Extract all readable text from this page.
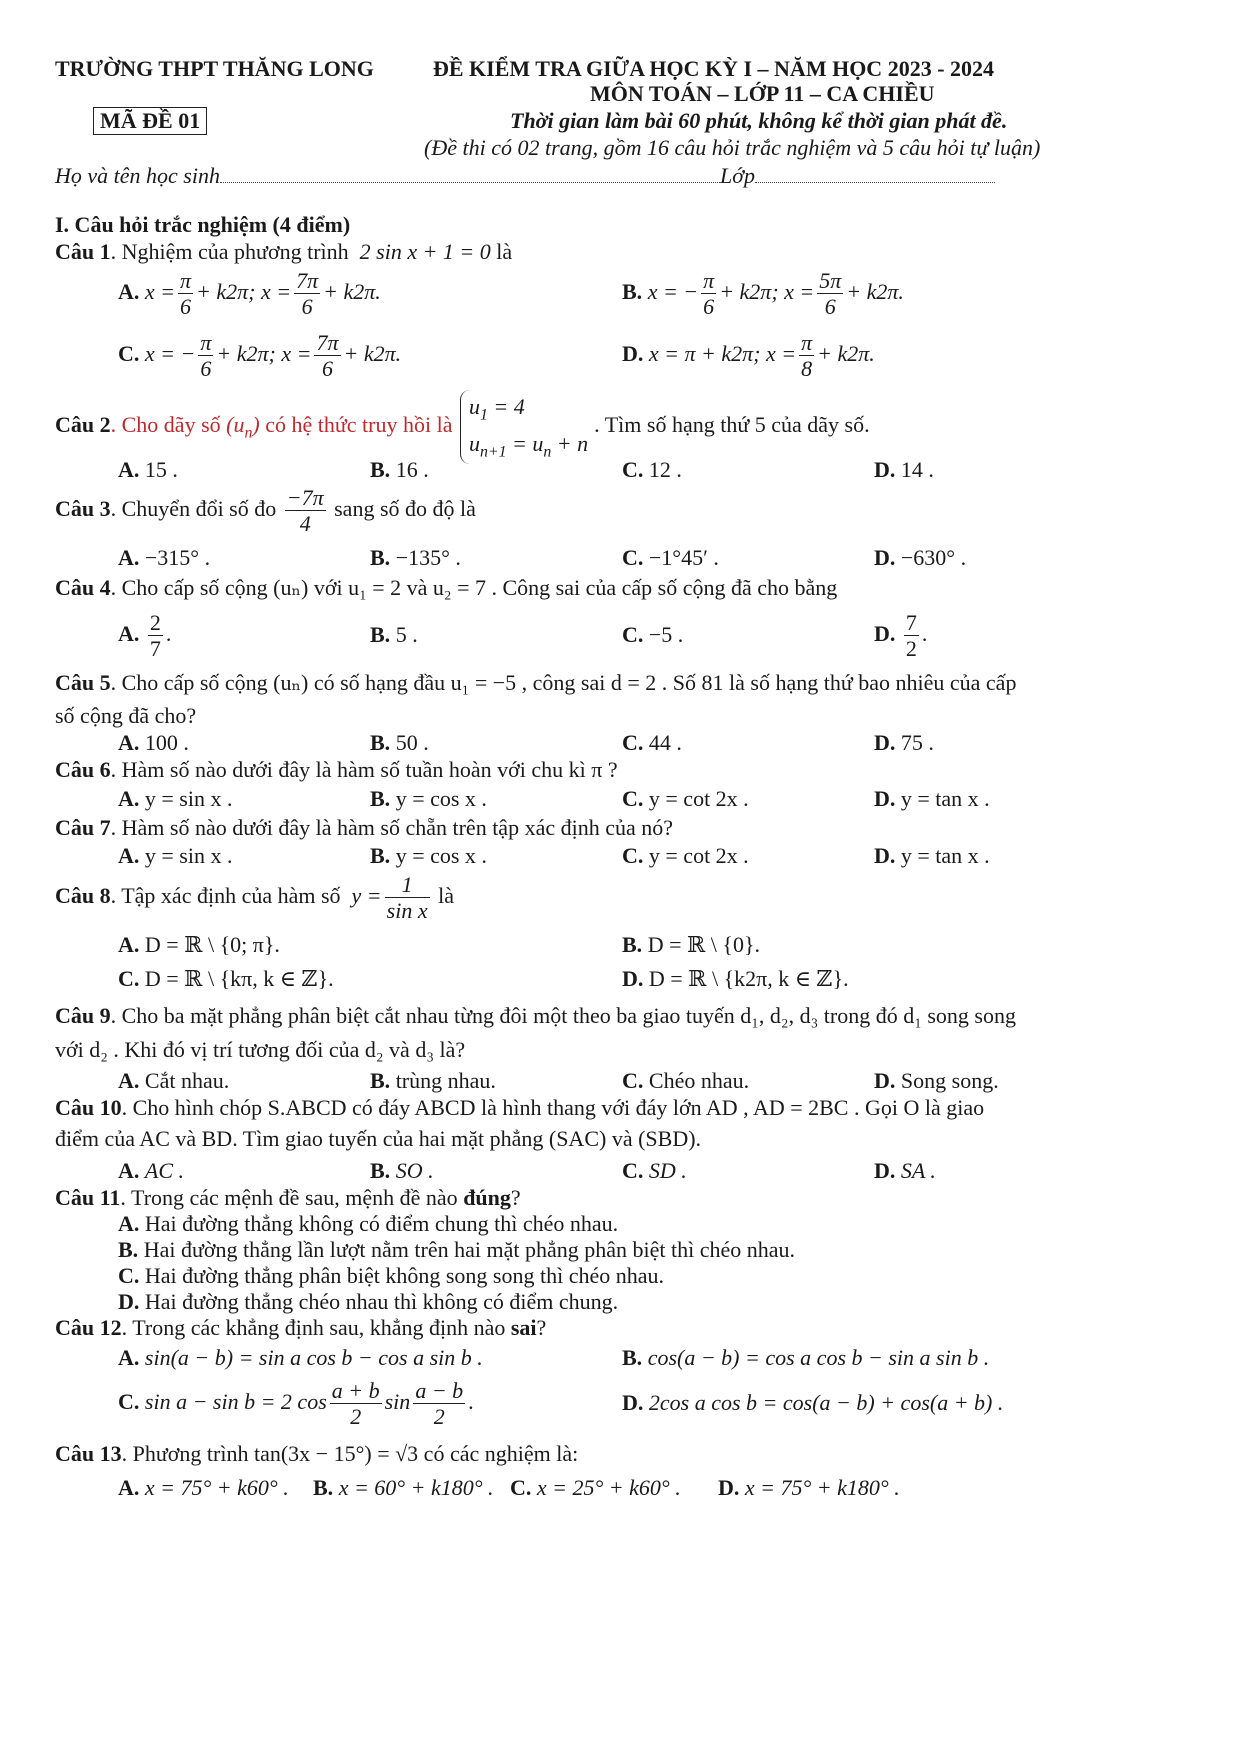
TRƯỜNG THPT THĂNG LONG	ĐỀ KIỂM TRA GIỮA HỌC KỲ I – NĂM HỌC 2023 - 2024
MÔN TOÁN – LỚP 11 – CA CHIỀU
MÃ ĐỀ 01	Thời gian làm bài 60 phút, không kể thời gian phát đề.
(Đề thi có 02 trang, gồm 16 câu hỏi trắc nghiệm và 5 câu hỏi tự luận)
Họ và tên học sinh	Lớp
I. Câu hỏi trắc nghiệm (4 điểm)
Câu 1. Nghiệm của phương trình  2 sin x + 1 = 0 là
A. $x = \frac{\pi}{6} + k2\pi$; $x = \frac{7\pi}{6} + k2\pi$.	B. x = − $\frac{\pi}{6} + k2\pi$; $x = \frac{5\pi}{6} + k2\pi$.
C. x = − $\frac{\pi}{6} + k2\pi$; $x = \frac{7\pi}{6} + k2\pi$.	D. x = π + k2π; $x = \frac{\pi}{8} + k2\pi$.
Câu 2. Cho dãy số $(u_n)$ có hệ thức truy hồi là
$u_1 = 4$
$u_{n+1} = u_n + n$
. Tìm số hạng thứ 5 của dãy số.
A. 15 .	B. 16 .	C. 12 .	D. 14 .
Câu 3. Chuyển đổi số đo $\frac{-7\pi}{4}$ sang số đo độ là
A. −315° .	B. −135° .	C. −1°45′ .	D. −630° .
Câu 4. Cho cấp số cộng (uₙ) với u₁ = 2 và u₂ = 7 . Công sai của cấp số cộng đã cho bằng
A. $\frac{2}{7}$ .	B. 5 .	C. −5 .	D. $\frac{7}{2}$ .
Câu 5. Cho cấp số cộng (uₙ) có số hạng đầu u₁ = −5 , công sai d = 2 . Số 81 là số hạng thứ bao nhiêu của cấp
số cộng đã cho?
A. 100 .	B. 50 .	C. 44 .	D. 75 .
Câu 6. Hàm số nào dưới đây là hàm số tuần hoàn với chu kì π ?
A. y = sin x .	B. y = cos x .	C. y = cot 2x .	D. y = tan x .
Câu 7. Hàm số nào dưới đây là hàm số chẵn trên tập xác định của nó?
A. y = sin x .	B. y = cos x .	C. y = cot 2x .	D. y = tan x .
Câu 8. Tập xác định của hàm số  $y = \frac{1}{\text{sin x}}$ là
A. D = ℝ \ {0; π}.	B. D = ℝ \ {0}.
C. D = ℝ \ {kπ, k ∈ ℤ}.	D. D = ℝ \ {k2π, k ∈ ℤ}.
Câu 9. Cho ba mặt phẳng phân biệt cắt nhau từng đôi một theo ba giao tuyến d₁, d₂, d₃ trong đó d₁ song song
với d₂ . Khi đó vị trí tương đối của d₂ và d₃ là?
A. Cắt nhau.	B. trùng nhau.	C. Chéo nhau.	D. Song song.
Câu 10. Cho hình chóp S.ABCD có đáy ABCD là hình thang với đáy lớn AD , AD = 2BC . Gọi O là giao
điểm của AC và BD. Tìm giao tuyến của hai mặt phẳng (SAC) và (SBD).
A. AC .	B. SO .	C. SD .	D. SA .
Câu 11. Trong các mệnh đề sau, mệnh đề nào đúng?
A. Hai đường thẳng không có điểm chung thì chéo nhau.
B. Hai đường thẳng lần lượt nằm trên hai mặt phẳng phân biệt thì chéo nhau.
C. Hai đường thẳng phân biệt không song song thì chéo nhau.
D. Hai đường thẳng chéo nhau thì không có điểm chung.
Câu 12. Trong các khẳng định sau, khẳng định nào sai?
A. sin(a − b) = sin a cos b − cos a sin b .	B. cos(a − b) = cos a cos b − sin a sin b .
C. sin a − sin b = 2 $\cos \frac{a + b}{2}$ $\sin \frac{a - b}{2}$ .	D. 2cos a cos b = cos(a − b) + cos(a + b) .
Câu 13. Phương trình tan(3x − 15°) = √3 có các nghiệm là:
A. x = 75° + k60° . B. x = 60° + k180° . C. x = 25° + k60° . D. x = 75° + k180° .
